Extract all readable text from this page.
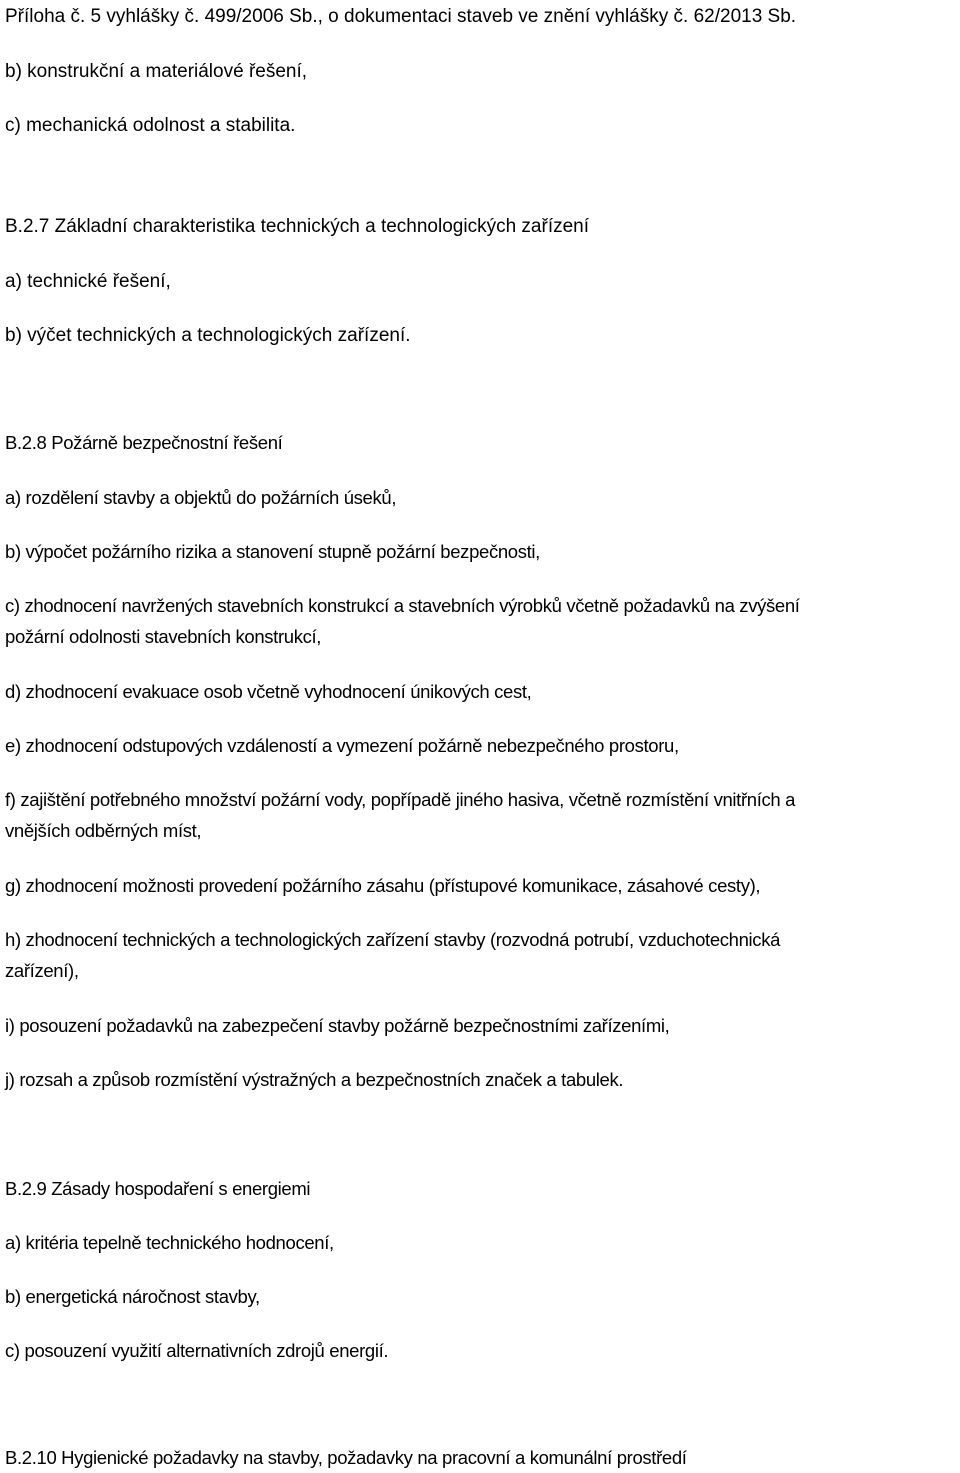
Příloha č. 5 vyhlášky č. 499/2006 Sb., o dokumentaci staveb ve znění vyhlášky č. 62/2013 Sb.
b) konstrukční a materiálové řešení,
c) mechanická odolnost a stabilita.
B.2.7 Základní charakteristika technických a technologických zařízení
a) technické řešení,
b) výčet technických a technologických zařízení.
B.2.8 Požárně bezpečnostní řešení
a) rozdělení stavby a objektů do požárních úseků,
b) výpočet požárního rizika a stanovení stupně požární bezpečnosti,
c) zhodnocení navržených stavebních konstrukcí a stavebních výrobků včetně požadavků na zvýšení
požární odolnosti stavebních konstrukcí,
d) zhodnocení evakuace osob včetně vyhodnocení únikových cest,
e) zhodnocení odstupových vzdáleností a vymezení požárně nebezpečného prostoru,
f) zajištění potřebného množství požární vody, popřípadě jiného hasiva, včetně rozmístění vnitřních a
vnějších odběrných míst,
g) zhodnocení možnosti provedení požárního zásahu (přístupové komunikace, zásahové cesty),
h) zhodnocení technických a technologických zařízení stavby (rozvodná potrubí, vzduchotechnická
zařízení),
i) posouzení požadavků na zabezpečení stavby požárně bezpečnostními zařízeními,
j) rozsah a způsob rozmístění výstražných a bezpečnostních značek a tabulek.
B.2.9 Zásady hospodaření s energiemi
a) kritéria tepelně technického hodnocení,
b) energetická náročnost stavby,
c) posouzení využití alternativních zdrojů energií.
B.2.10 Hygienické požadavky na stavby, požadavky na pracovní a komunální prostředí
